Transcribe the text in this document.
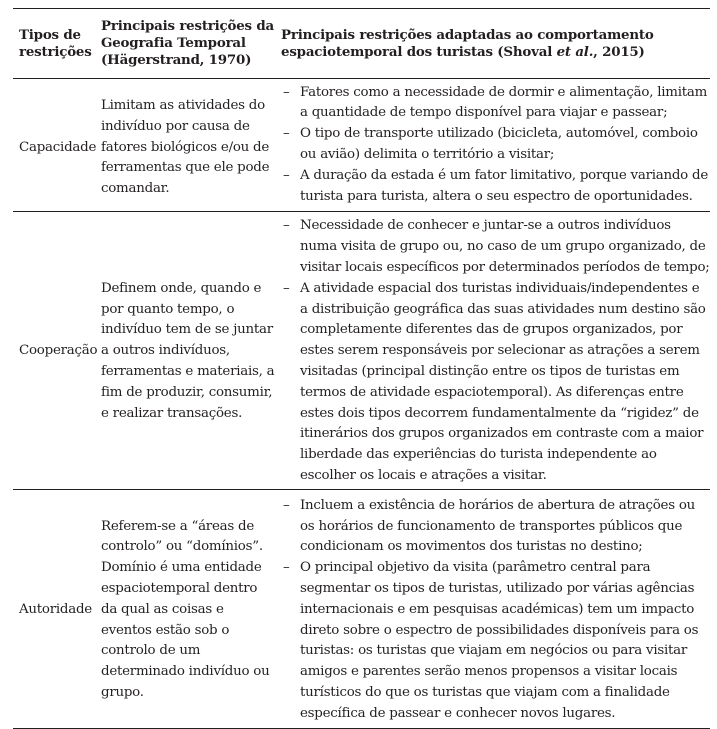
Tipos de restrições
Principais restrições da Geografia Temporal (Hägerstrand, 1970)
Principais restrições adaptadas ao comportamento espaciotemporal dos turistas (Shoval et al., 2015)
Capacidade
Limitam as atividades do indivíduo por causa de fatores biológicos e/ou de ferramentas que ele pode comandar.
– Fatores como a necessidade de dormir e alimentação, limitam a quantidade de tempo disponível para viajar e passear;
– O tipo de transporte utilizado (bicicleta, automóvel, comboio ou avião) delimita o território a visitar;
– A duração da estada é um fator limitativo, porque variando de turista para turista, altera o seu espectro de oportunidades.
Cooperação
Definem onde, quando e por quanto tempo, o indivíduo tem de se juntar a outros indivíduos, ferramentas e materiais, a fim de produzir, consumir, e realizar transações.
– Necessidade de conhecer e juntar-se a outros indivíduos numa visita de grupo ou, no caso de um grupo organizado, de visitar locais específicos por determinados períodos de tempo;
– A atividade espacial dos turistas individuais/independentes e a distribuição geográfica das suas atividades num destino são completamente diferentes das de grupos organizados, por estes serem responsáveis por selecionar as atrações a serem visitadas (principal distinção entre os tipos de turistas em termos de atividade espaciotemporal). As diferenças entre estes dois tipos decorrem fundamentalmente da “rigidez” de itinerários dos grupos organizados em contraste com a maior liberdade das experiências do turista independente ao escolher os locais e atrações a visitar.
Autoridade
Referem-se a “áreas de controlo” ou “domínios”. Domínio é uma entidade espaciotemporal dentro da qual as coisas e eventos estão sob o controlo de um determinado indivíduo ou grupo.
– Incluem a existência de horários de abertura de atrações ou os horários de funcionamento de transportes públicos que condicionam os movimentos dos turistas no destino;
– O principal objetivo da visita (parâmetro central para segmentar os tipos de turistas, utilizado por várias agências internacionais e em pesquisas académicas) tem um impacto direto sobre o espectro de possibilidades disponíveis para os turistas: os turistas que viajam em negócios ou para visitar amigos e parentes serão menos propensos a visitar locais turísticos do que os turistas que viajam com a finalidade específica de passear e conhecer novos lugares.
